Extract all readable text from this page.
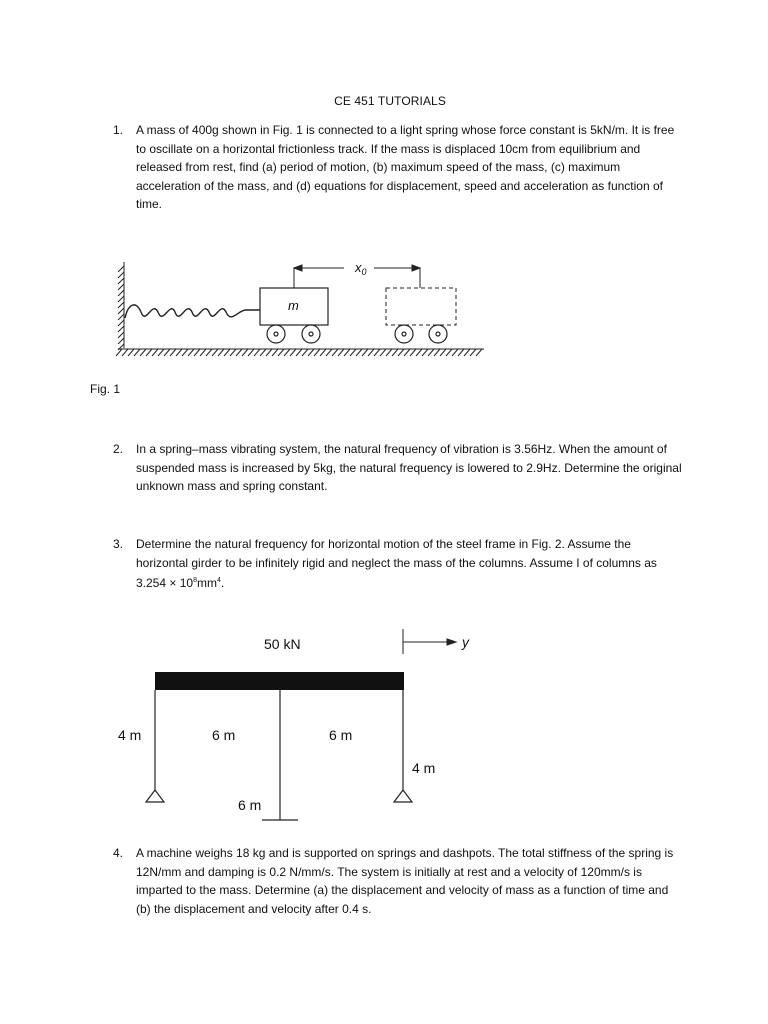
CE 451 TUTORIALS
1. A mass of 400g shown in Fig. 1 is connected to a light spring whose force constant is 5kN/m. It is free to oscillate on a horizontal frictionless track. If the mass is displaced 10cm from equilibrium and released from rest, find (a) period of motion, (b) maximum speed of the mass, (c) maximum acceleration of the mass, and (d) equations for displacement, speed and acceleration as function of time.

m
$x_0$
Fig. 1
2. In a spring–mass vibrating system, the natural frequency of vibration is 3.56Hz. When the amount of suspended mass is increased by 5kg, the natural frequency is lowered to 2.9Hz. Determine the original unknown mass and spring constant.

3. Determine the natural frequency for horizontal motion of the steel frame in Fig. 2. Assume the horizontal girder to be infinitely rigid and neglect the mass of the columns. Assume I of columns as $3.254 \times 10^8mm^4$.

50 kN	y
4 m	6 m	6 m
4 m
6 m
4. A machine weighs 18 kg and is supported on springs and dashpots. The total stiffness of the spring is 12N/mm and damping is 0.2 N/mm/s. The system is initially at rest and a velocity of 120mm/s is imparted to the mass. Determine (a) the displacement and velocity of mass as a function of time and (b) the displacement and velocity after 0.4 s.
